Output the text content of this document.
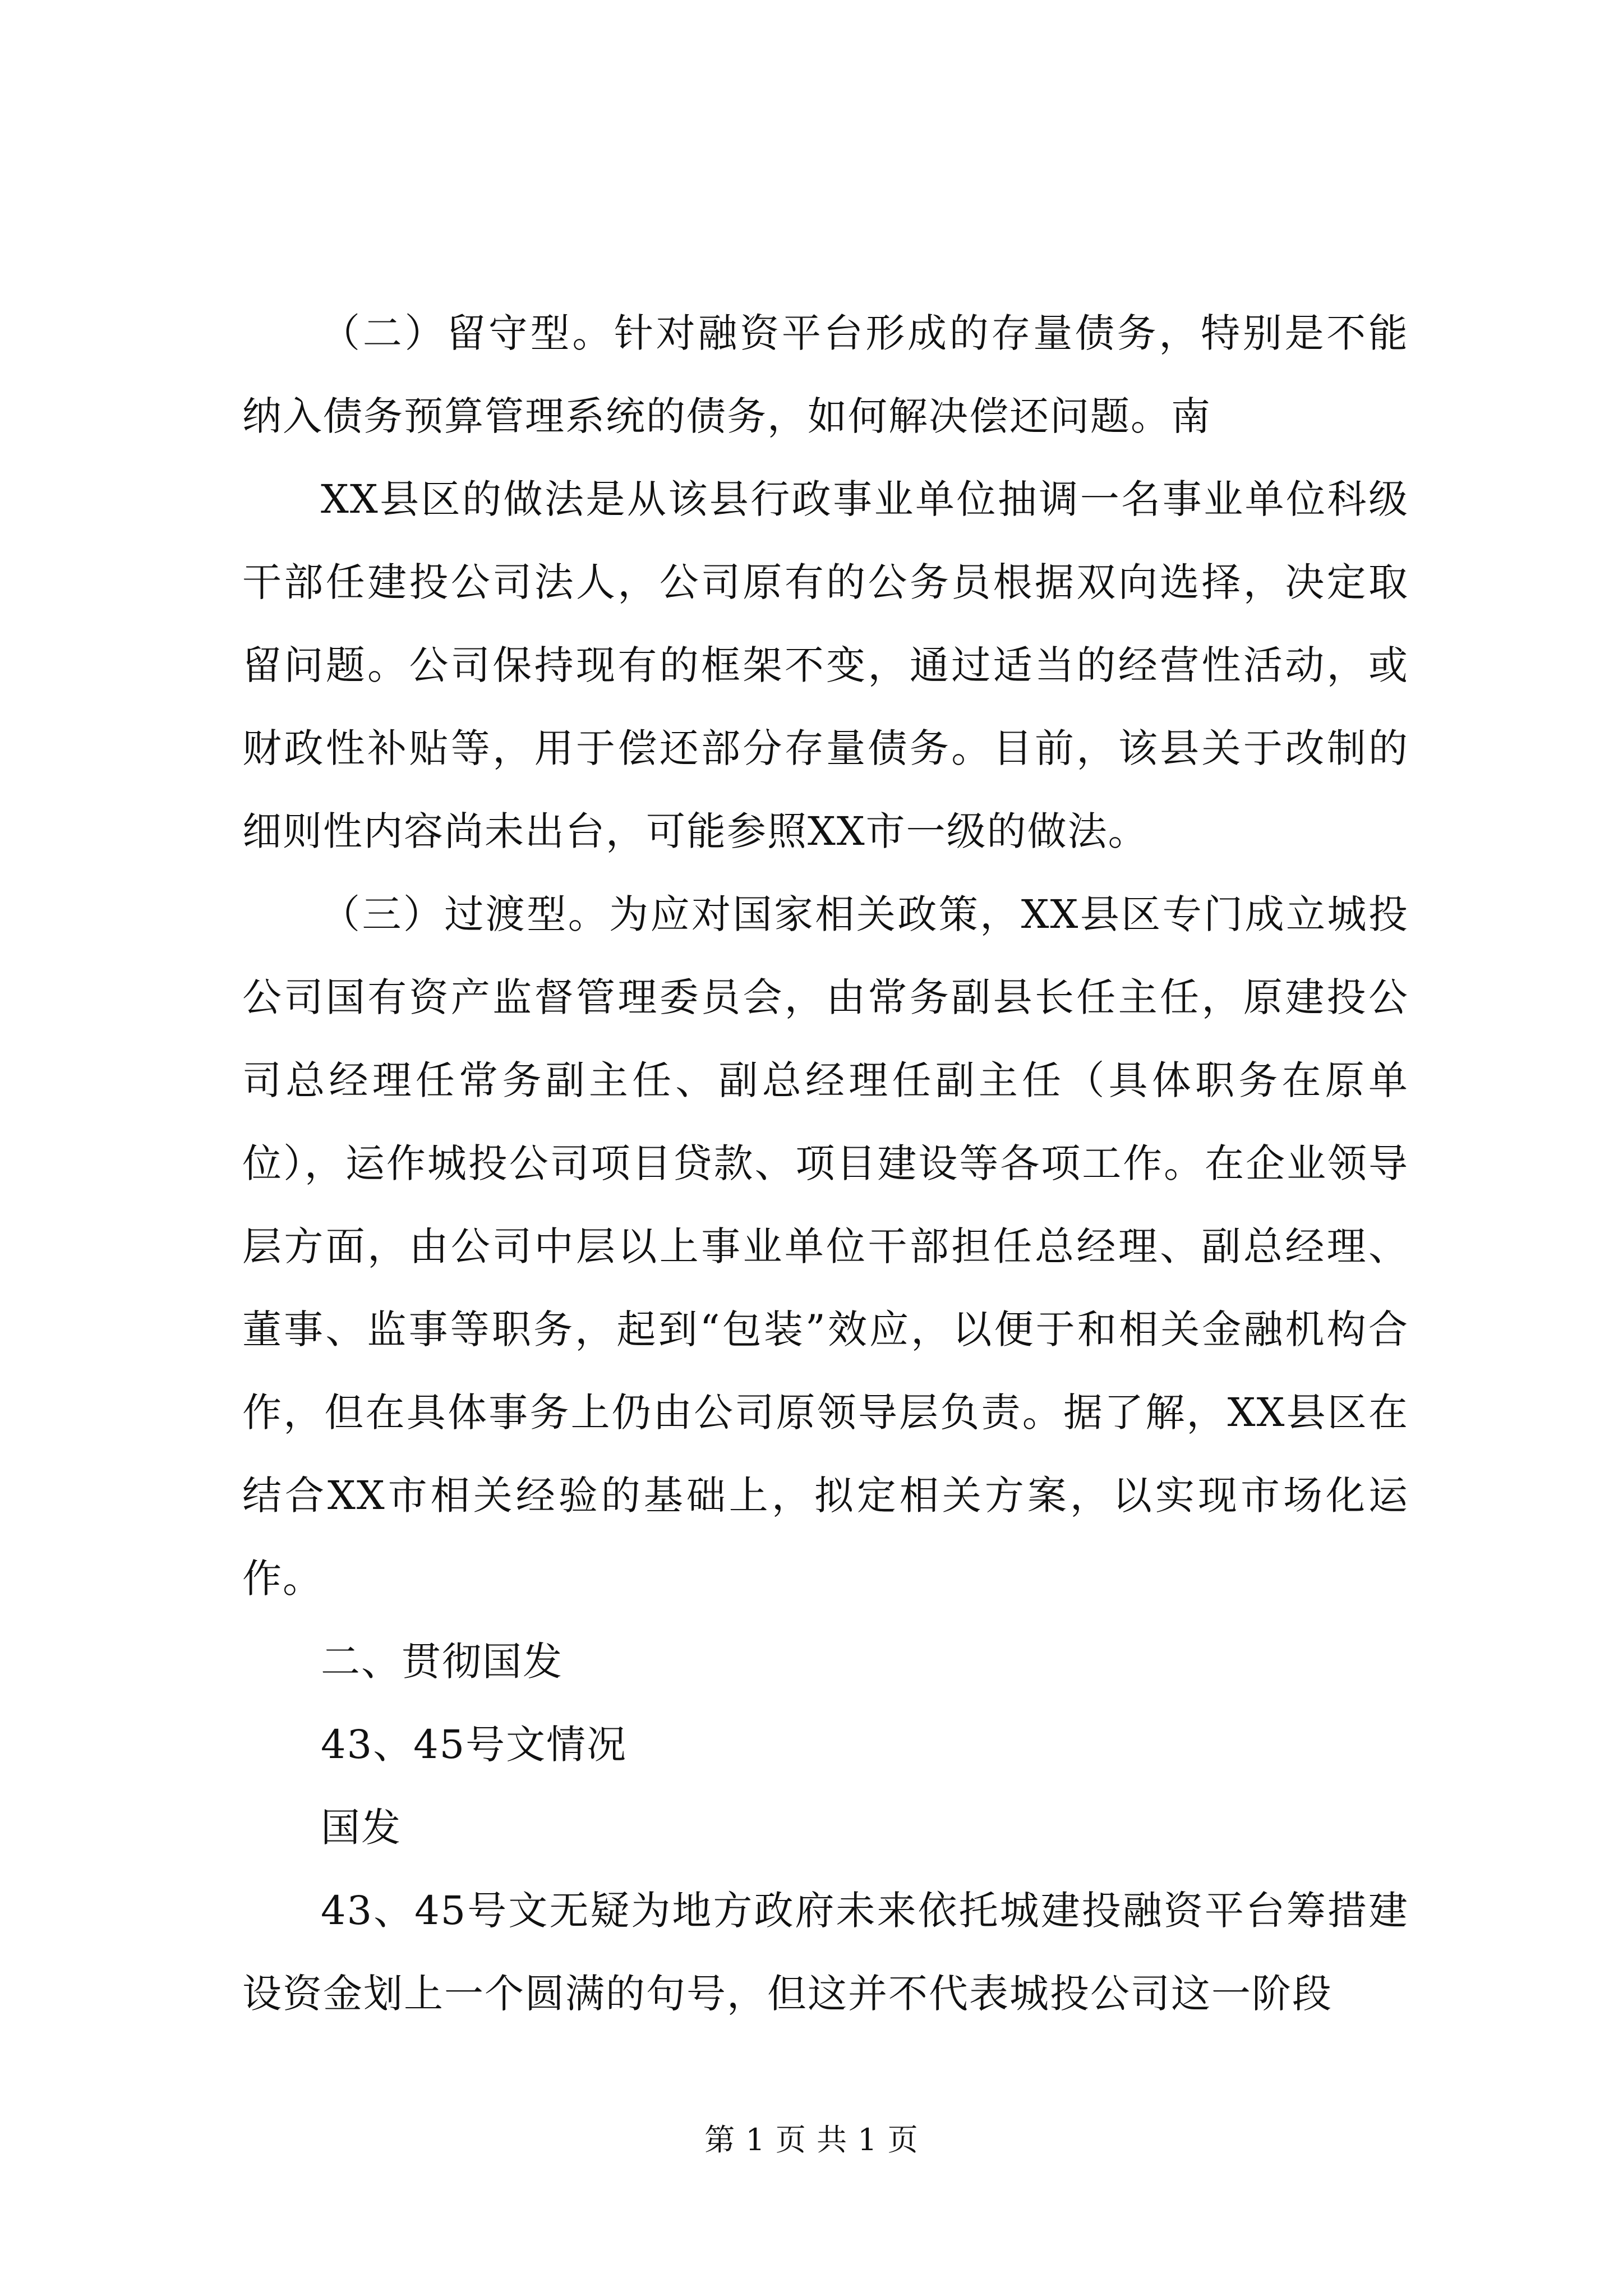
（二）留守型。针对融资平台形成的存量债务，特别是不能纳入债务预算管理系统的债务，如何解决偿还问题。南

XX县区的做法是从该县行政事业单位抽调一名事业单位科级干部任建投公司法人，公司原有的公务员根据双向选择，决定取留问题。公司保持现有的框架不变，通过适当的经营性活动，或财政性补贴等，用于偿还部分存量债务。目前，该县关于改制的细则性内容尚未出台，可能参照XX市一级的做法。

（三）过渡型。为应对国家相关政策，XX县区专门成立城投公司国有资产监督管理委员会，由常务副县长任主任，原建投公司总经理任常务副主任、副总经理任副主任（具体职务在原单位），运作城投公司项目贷款、项目建设等各项工作。在企业领导层方面，由公司中层以上事业单位干部担任总经理、副总经理、董事、监事等职务，起到“包装”效应，以便于和相关金融机构合作，但在具体事务上仍由公司原领导层负责。据了解，XX县区在结合XX市相关经验的基础上，拟定相关方案，以实现市场化运作。

二、贯彻国发

43、45号文情况

国发

43、45号文无疑为地方政府未来依托城建投融资平台筹措建设资金划上一个圆满的句号，但这并不代表城投公司这一阶段

第 1 页 共 1 页
